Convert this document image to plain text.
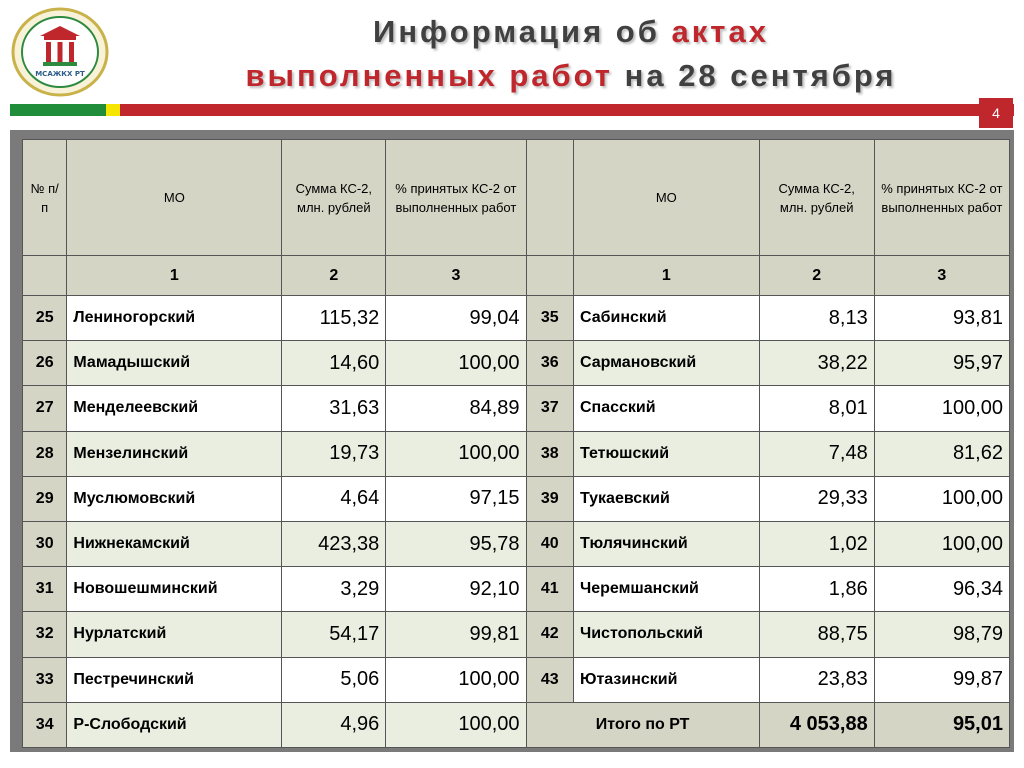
МСАЖКХ РТ
Информация об актах
выполненных работ на 28 сентября
4
№ п/п	МО	Сумма КС-2, млн. рублей	% принятых КС-2 от выполненных работ		МО	Сумма КС-2, млн. рублей	% принятых КС-2 от выполненных работ
	1	2	3		1	2	3
25	Лениногорский	115,32	99,04	35	Сабинский	8,13	93,81
26	Мамадышский	14,60	100,00	36	Сармановский	38,22	95,97
27	Менделеевский	31,63	84,89	37	Спасский	8,01	100,00
28	Мензелинский	19,73	100,00	38	Тетюшский	7,48	81,62
29	Муслюмовский	4,64	97,15	39	Тукаевский	29,33	100,00
30	Нижнекамский	423,38	95,78	40	Тюлячинский	1,02	100,00
31	Новошешминский	3,29	92,10	41	Черемшанский	1,86	96,34
32	Нурлатский	54,17	99,81	42	Чистопольский	88,75	98,79
33	Пестречинский	5,06	100,00	43	Ютазинский	23,83	99,87
34	Р-Слободский	4,96	100,00	Итого по РТ		4 053,88	95,01
